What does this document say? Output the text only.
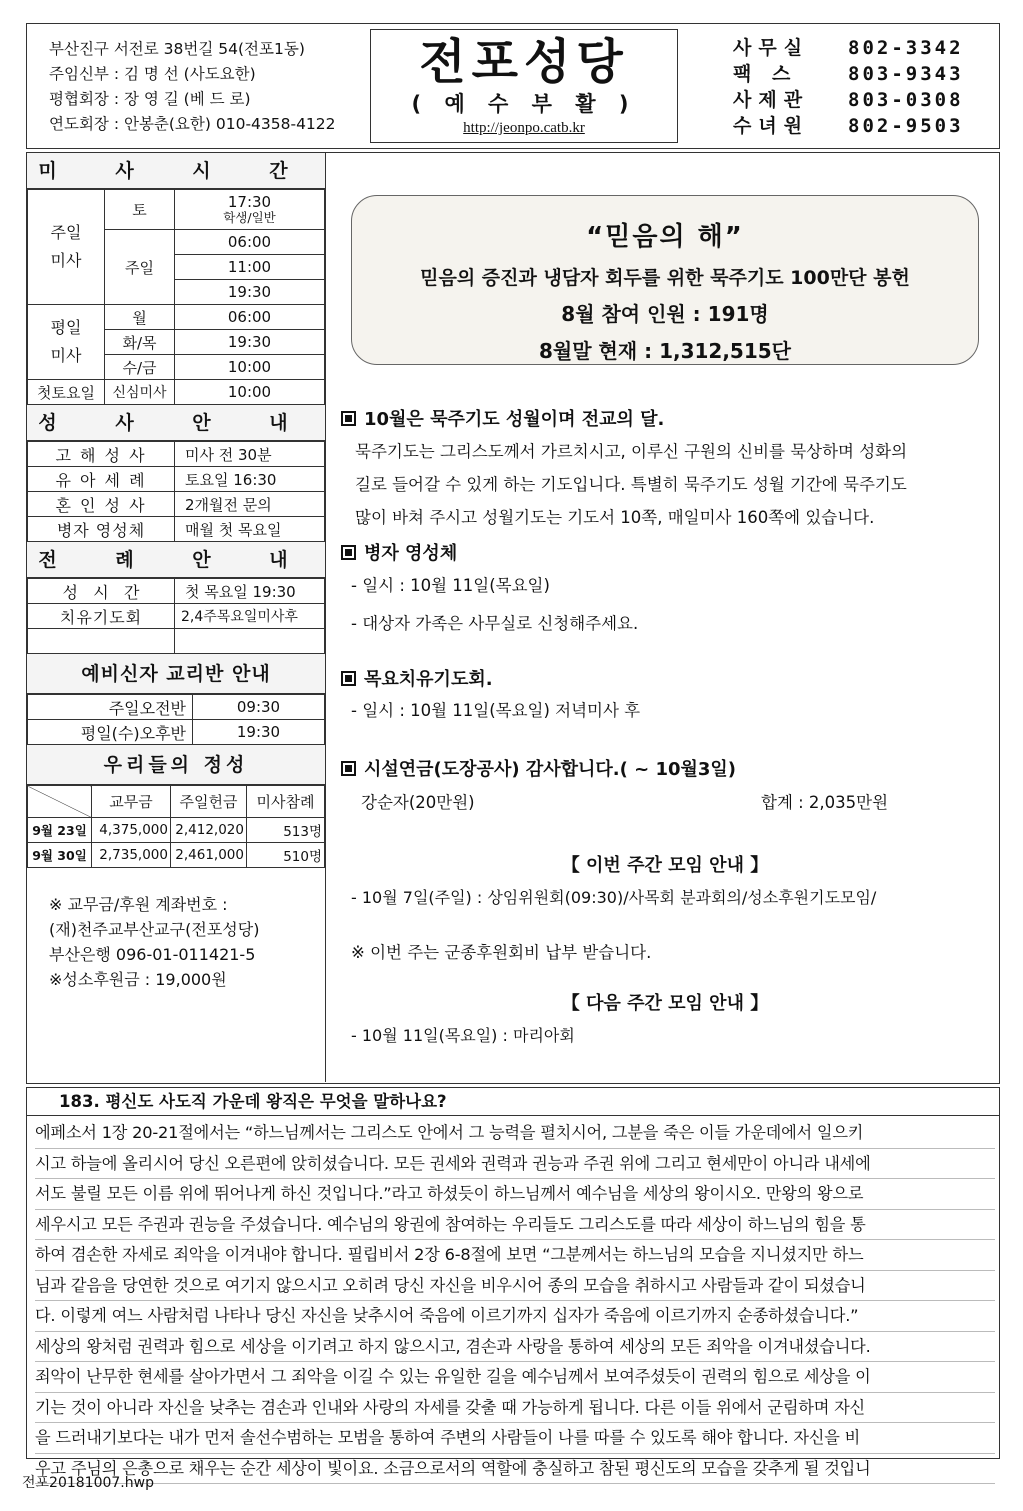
부산진구 서전로 38번길 54(전포1동)
주임신부 : 김 명 선 (사도요한)
평협회장 : 장 영 길 (베 드 로)
연도회장 : 안봉춘(요한) 010-4358-4122
전포성당
( 예 수 부 활 )
http://jeonpo.catb.kr
사무실	802-3342
팩 스	803-9343
사제관	803-0308
수녀원	802-9503
미 사 시 간
주일 미사	토	17:30
학생/일반

	주일	06:00
		11:00
		19:30
평일 미사	월	06:00
	화/목	19:30
	수/금	10:00
첫토요일	신심미사	10:00
성 사 안 내
고 해 성 사	미사 전 30분
유 아 세 례	토요일 16:30
혼 인 성 사	2개월전 문의
병자 영성체	매월 첫 목요일
전 례 안 내
성   시   간	첫 목요일 19:30
치유기도회	2,4주목요일미사후

예비신자 교리반 안내
주일오전반	09:30
평일(수)오후반	19:30
우리들의 정성
	교무금	주일헌금	미사참례
9월 23일	4,375,000	2,412,020	513명
9월 30일	2,735,000	2,461,000	510명
※ 교무금/후원 계좌번호 :
(재)천주교부산교구(전포성당)
부산은행 096-01-011421-5
※성소후원금 : 19,000원
“믿음의 해”
믿음의 증진과 냉담자 회두를 위한 묵주기도 100만단 봉헌
8월 참여 인원 : 191명
8월말 현재 : 1,312,515단
10월은 묵주기도 성월이며 전교의 달.
묵주기도는 그리스도께서 가르치시고, 이루신 구원의 신비를 묵상하며 성화의
길로 들어갈 수 있게 하는 기도입니다. 특별히 묵주기도 성월 기간에 묵주기도
많이 바쳐 주시고 성월기도는 기도서 10쪽, 매일미사 160쪽에 있습니다.
병자 영성체
- 일시 : 10월 11일(목요일)
- 대상자 가족은 사무실로 신청해주세요.
목요치유기도회.
- 일시 : 10월 11일(목요일) 저녁미사 후
시설연금(도장공사) 감사합니다.( ~ 10월3일)
강순자(20만원)	합계 : 2,035만원
【 이번 주간 모임 안내 】
- 10월 7일(주일) : 상임위원회(09:30)/사목회 분과회의/성소후원기도모임/
※ 이번 주는 군종후원회비 납부 받습니다.
【 다음 주간 모임 안내 】
- 10월 11일(목요일) : 마리아회
183. 평신도 사도직 가운데 왕직은 무엇을 말하나요?
에페소서 1장 20-21절에서는 “하느님께서는 그리스도 안에서 그 능력을 펼치시어, 그분을 죽은 이들 가운데에서 일으키
시고 하늘에 올리시어 당신 오른편에 앉히셨습니다. 모든 권세와 권력과 권능과 주권 위에 그리고 현세만이 아니라 내세에
서도 불릴 모든 이름 위에 뛰어나게 하신 것입니다.”라고 하셨듯이 하느님께서 예수님을 세상의 왕이시오. 만왕의 왕으로
세우시고 모든 주권과 권능을 주셨습니다. 예수님의 왕권에 참여하는 우리들도 그리스도를 따라 세상이 하느님의 힘을 통
하여 겸손한 자세로 죄악을 이겨내야 합니다. 필립비서 2장 6-8절에 보면 “그분께서는 하느님의 모습을 지니셨지만 하느
님과 같음을 당연한 것으로 여기지 않으시고 오히려 당신 자신을 비우시어 종의 모습을 취하시고 사람들과 같이 되셨습니
다. 이렇게 여느 사람처럼 나타나 당신 자신을 낮추시어 죽음에 이르기까지 십자가 죽음에 이르기까지 순종하셨습니다.”
세상의 왕처럼 권력과 힘으로 세상을 이기려고 하지 않으시고, 겸손과 사랑을 통하여 세상의 모든 죄악을 이겨내셨습니다.
죄악이 난무한 현세를 살아가면서 그 죄악을 이길 수 있는 유일한 길을 예수님께서 보여주셨듯이 권력의 힘으로 세상을 이
기는 것이 아니라 자신을 낮추는 겸손과 인내와 사랑의 자세를 갖출 때 가능하게 됩니다. 다른 이들 위에서 군림하며 자신
을 드러내기보다는 내가 먼저 솔선수범하는 모범을 통하여 주변의 사람들이 나를 따를 수 있도록 해야 합니다. 자신을 비
우고 주님의 은총으로 채우는 순간 세상이 빛이요. 소금으로서의 역할에 충실하고 참된 평신도의 모습을 갖추게 될 것입니
전포20181007.hwp
